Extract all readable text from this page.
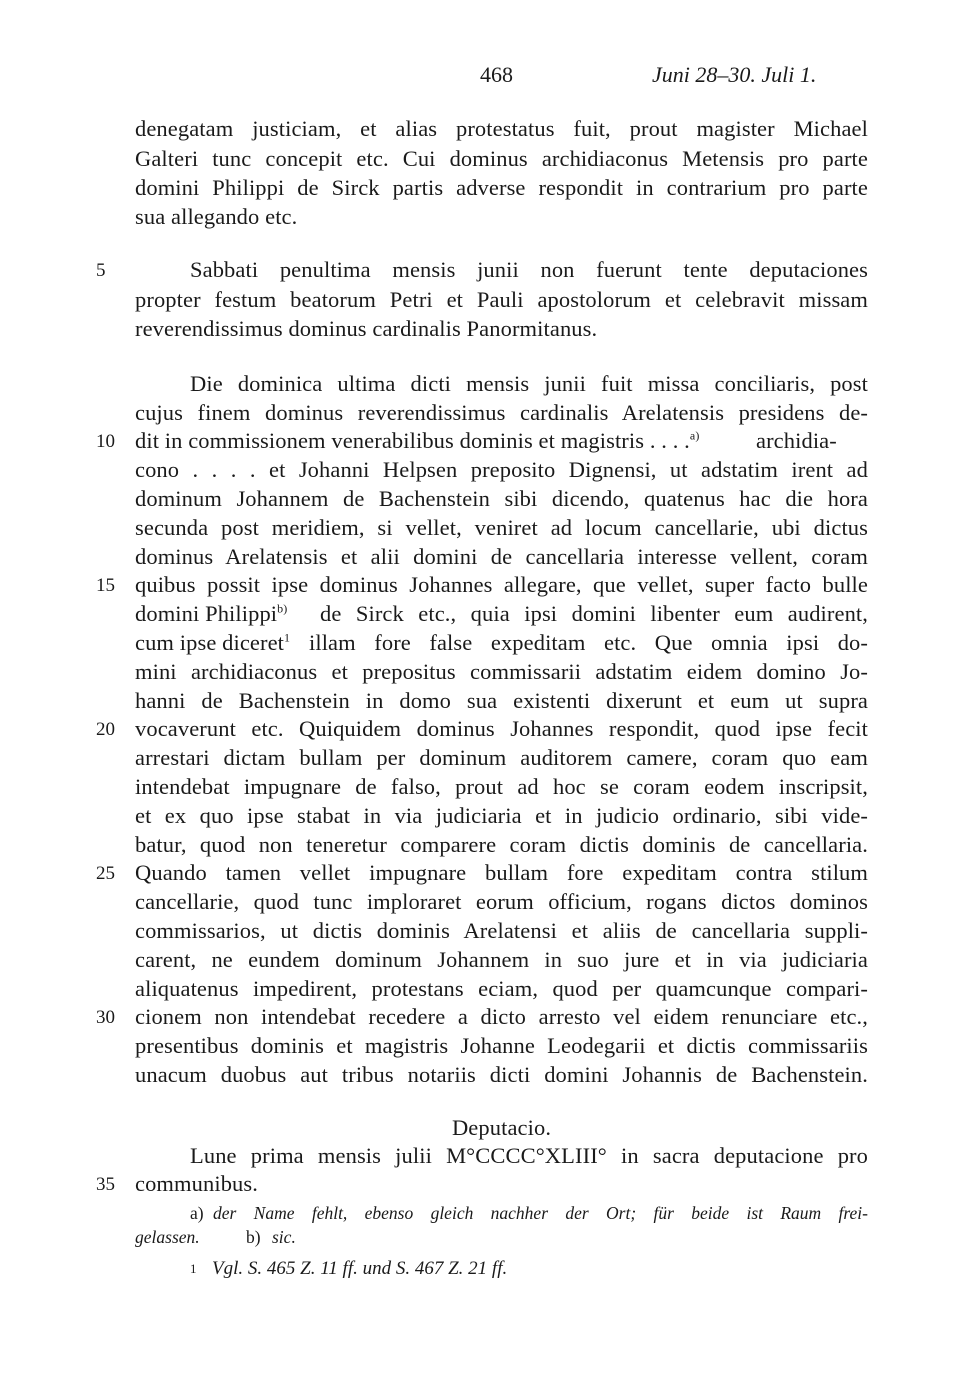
468	Juni 28–30. Juli 1.
denegatam justiciam, et alias protestatus fuit, prout magister Michael
Galteri tunc concepit etc. Cui dominus archidiaconus Metensis pro parte
domini Philippi de Sirck partis adverse respondit in contrarium pro parte
sua allegando etc.
5	Sabbati penultima mensis junii non fuerunt tente deputaciones
propter festum beatorum Petri et Pauli apostolorum et celebravit missam
reverendissimus dominus cardinalis Panormitanus.
Die dominica ultima dicti mensis junii fuit missa conciliaris, post
cujus finem dominus reverendissimus cardinalis Arelatensis presidens de-
10 dit in commissionem venerabilibus dominis et magistris . . . .$^{a)}$	archidia-
cono . . . . et Johanni Helpsen preposito Dignensi, ut adstatim irent ad
dominum Johannem de Bachenstein sibi dicendo, quatenus hac die hora
secunda post meridiem, si vellet, veniret ad locum cancellarie, ubi dictus
dominus Arelatensis et alii domini de cancellaria interesse vellent, coram
15 quibus possit ipse dominus Johannes allegare, que vellet, super facto bulle
domini Philippi$^{b)}$ de Sirck etc., quia ipsi domini libenter eum audirent,
cum ipse diceret$^1$ illam fore false expeditam etc. Que omnia ipsi do-
mini archidiaconus et prepositus commissarii adstatim eidem domino Jo-
hanni de Bachenstein in domo sua existenti dixerunt et eum ut supra
20 vocaverunt etc. Quiquidem dominus Johannes respondit, quod ipse fecit
arrestari dictam bullam per dominum auditorem camere, coram quo eam
intendebat impugnare de falso, prout ad hoc se coram eodem inscripsit,
et ex quo ipse stabat in via judiciaria et in judicio ordinario, sibi vide-
batur, quod non teneretur comparere coram dictis dominis de cancellaria.
25 Quando tamen vellet impugnare bullam fore expeditam contra stilum
cancellarie, quod tunc imploraret eorum officium, rogans dictos dominos
commissarios, ut dictis dominis Arelatensi et aliis de cancellaria suppli-
carent, ne eundem dominum Johannem in suo jure et in via judiciaria
aliquatenus impedirent, protestans eciam, quod per quamcunque compari-
30 cionem non intendebat recedere a dicto arresto vel eidem renunciare etc.,
presentibus dominis et magistris Johanne Leodegarii et dictis commissariis
unacum duobus aut tribus notariis dicti domini Johannis de Bachenstein.
Deputacio.
Lune prima mensis julii M°CCCC°XLIII° in sacra deputacione pro
35 communibus.
a) der Name fehlt, ebenso gleich nachher der Ort; für beide ist Raum frei-
gelassen.	b) sic.
1 Vgl. S. 465 Z. 11 ff. und S. 467 Z. 21 ff.
